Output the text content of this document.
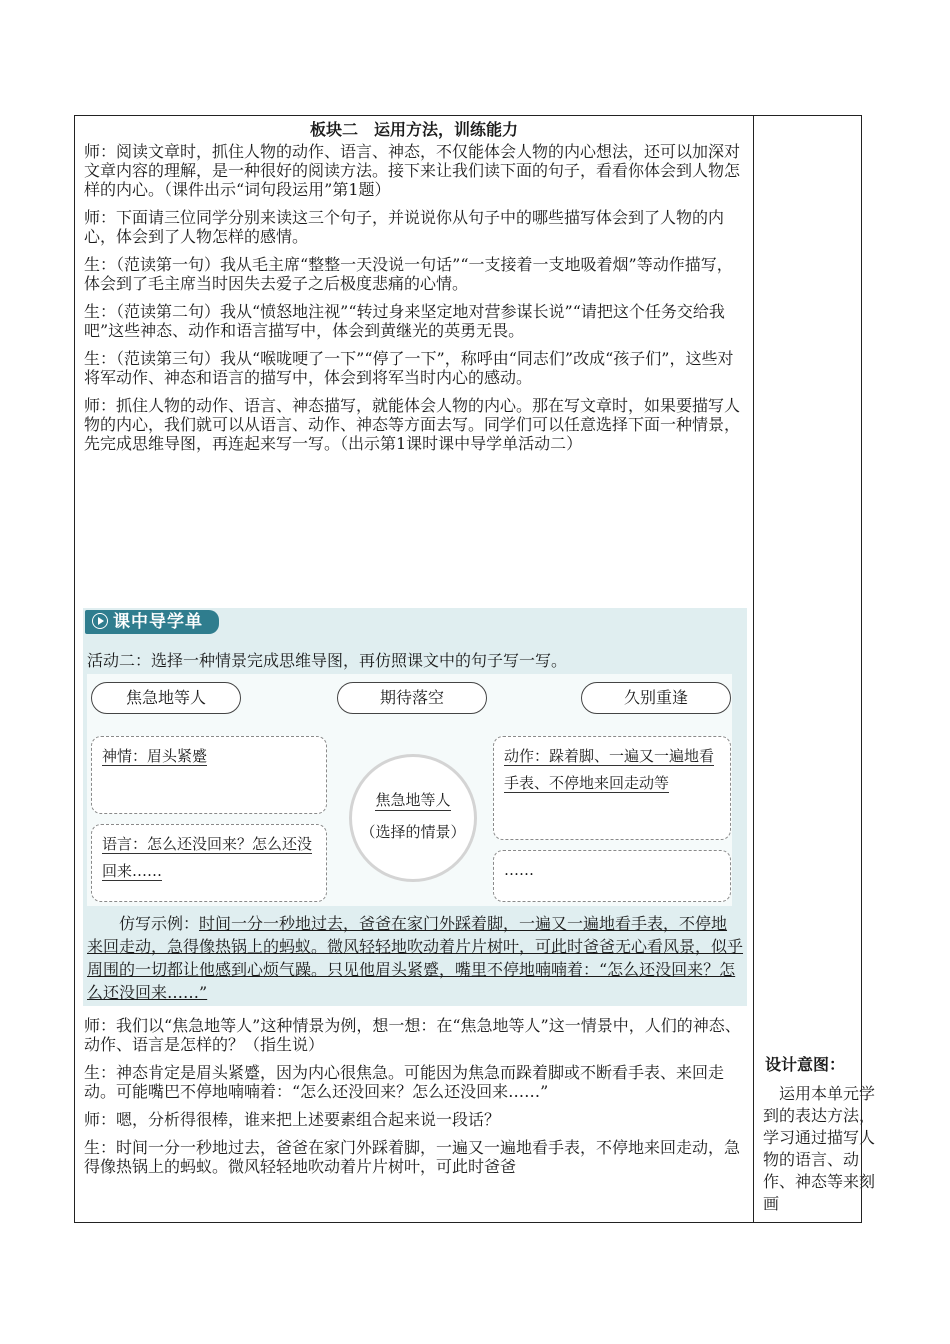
板块二　运用方法，训练能力

师：阅读文章时，抓住人物的动作、语言、神态，不仅能体会人物的内心想法，还可以加深对文章内容的理解，是一种很好的阅读方法。接下来让我们读下面的句子，看看你体会到人物怎样的内心。（课件出示“词句段运用”第1题）

师：下面请三位同学分别来读这三个句子，并说说你从句子中的哪些描写体会到了人物的内心，体会到了人物怎样的感情。

生：（范读第一句）我从毛主席“整整一天没说一句话”“一支接着一支地吸着烟”等动作描写，体会到了毛主席当时因失去爱子之后极度悲痛的心情。

生：（范读第二句）我从“愤怒地注视”“转过身来坚定地对营参谋长说”“请把这个任务交给我吧”这些神态、动作和语言描写中，体会到黄继光的英勇无畏。

生：（范读第三句）我从“喉咙哽了一下”“停了一下”，称呼由“同志们”改成“孩子们”，这些对将军动作、神态和语言的描写中，体会到将军当时内心的感动。

师：抓住人物的动作、语言、神态描写，就能体会人物的内心。那在写文章时，如果要描写人物的内心，我们就可以从语言、动作、神态等方面去写。同学们可以任意选择下面一种情景，先完成思维导图，再连起来写一写。（出示第1课时课中导学单活动二）

课中导学单
活动二：选择一种情景完成思维导图，再仿照课文中的句子写一写。
焦急地等人	期待落空	久别重逢
神情：眉头紧蹙
语言：怎么还没回来？怎么还没回来……
动作：跺着脚、一遍又一遍地看手表、不停地来回走动等
……
焦急地等人
（选择的情景）
　　仿写示例：时间一分一秒地过去，爸爸在家门外踩着脚，一遍又一遍地看手表，不停地来回走动，急得像热锅上的蚂蚁。微风轻轻地吹动着片片树叶，可此时爸爸无心看风景，似乎周围的一切都让他感到心烦气躁。只见他眉头紧蹙，嘴里不停地喃喃着：“怎么还没回来？怎么还没回来……”

师：我们以“焦急地等人”这种情景为例，想一想：在“焦急地等人”这一情景中，人们的神态、动作、语言是怎样的？（指生说）

生：神态肯定是眉头紧蹙，因为内心很焦急。可能因为焦急而跺着脚或不断看手表、来回走动。可能嘴巴不停地喃喃着：“怎么还没回来？怎么还没回来……”

师：嗯，分析得很棒，谁来把上述要素组合起来说一段话？

生：时间一分一秒地过去，爸爸在家门外踩着脚，一遍又一遍地看手表，不停地来回走动，急得像热锅上的蚂蚁。微风轻轻地吹动着片片树叶，可此时爸爸

设计意图：
　运用本单元学到的表达方法，学习通过描写人物的语言、动作、神态等来刻画
